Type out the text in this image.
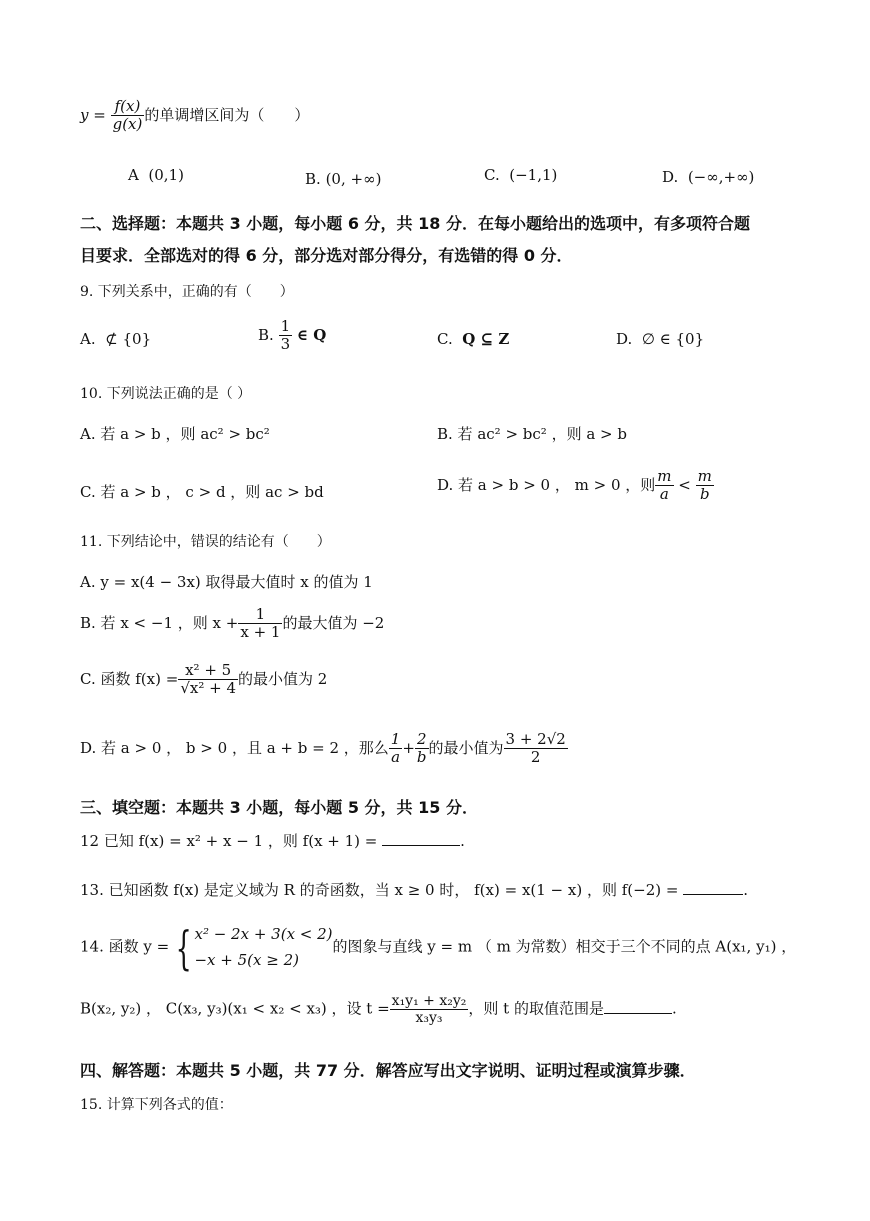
$y = \frac{f(x)}{g(x)}$ 的单调增区间为（　　）
A (0,1)	B. (0, +∞)	C. (−1,1)	D. (−∞,+∞)
二、选择题：本题共 3 小题，每小题 6 分，共 18 分．在每小题给出的选项中，有多项符合题
目要求．全部选对的得 6 分，部分选对部分得分，有选错的得 0 分．
9. 下列关系中，正确的有（　　）
A. ⊄ {0}	B. $\frac{1}{3}$ ∈ Q	C. Q ⊆ Z	D. ∅ ∈ {0}
10. 下列说法正确的是（ ）
A. 若 a > b ，则 ac² > bc²	B. 若 ac² > bc² ，则 a > b
C. 若 a > b ， c > d ，则 ac > bd	D. 若 a > b > 0 ， m > 0 ，则 $\frac{m}{a} < \frac{m}{b}$
11. 下列结论中，错误的结论有（　　）
A. y = x(4 − 3x) 取得最大值时 x 的值为 1
B. 若 x < −1 ，则 $x + \frac{1}{x + 1}$ 的最大值为 −2
C. 函数 $f(x) = \frac{\text{x² + 5}}{\text{√x² + 4}}$ 的最小值为 2
D. 若 a > 0 ， b > 0 ，且 a + b = 2 ，那么 $\frac{1}{a} + \frac{2}{b}$ 的最小值为 $\frac{3 + 2√2}{2}$
三、填空题：本题共 3 小题，每小题 5 分，共 15 分．
12 已知 f(x) = x² + x − 1 ，则 f(x + 1) =	.
13. 已知函数 f(x) 是定义域为 R 的奇函数，当 x ≥ 0 时， f(x) = x(1 − x) ，则 f(−2) =	.
14. 函数 y = { x² − 2x + 3(x < 2)
−x + 5(x ≥ 2)
的图象与直线 y = m （ m 为常数）相交于三个不同的点 A(x₁, y₁) ，
B(x₂, y₂) ， C(x₃, y₃)(x₁ < x₂ < x₃) ，设 $t = \frac{\text{x₁y₁ + x₂y₂}}{\text{x₃y₃}}$ ，则 t 的取值范围是	.
四、解答题：本题共 5 小题，共 77 分．解答应写出文字说明、证明过程或演算步骤．
15. 计算下列各式的值：
